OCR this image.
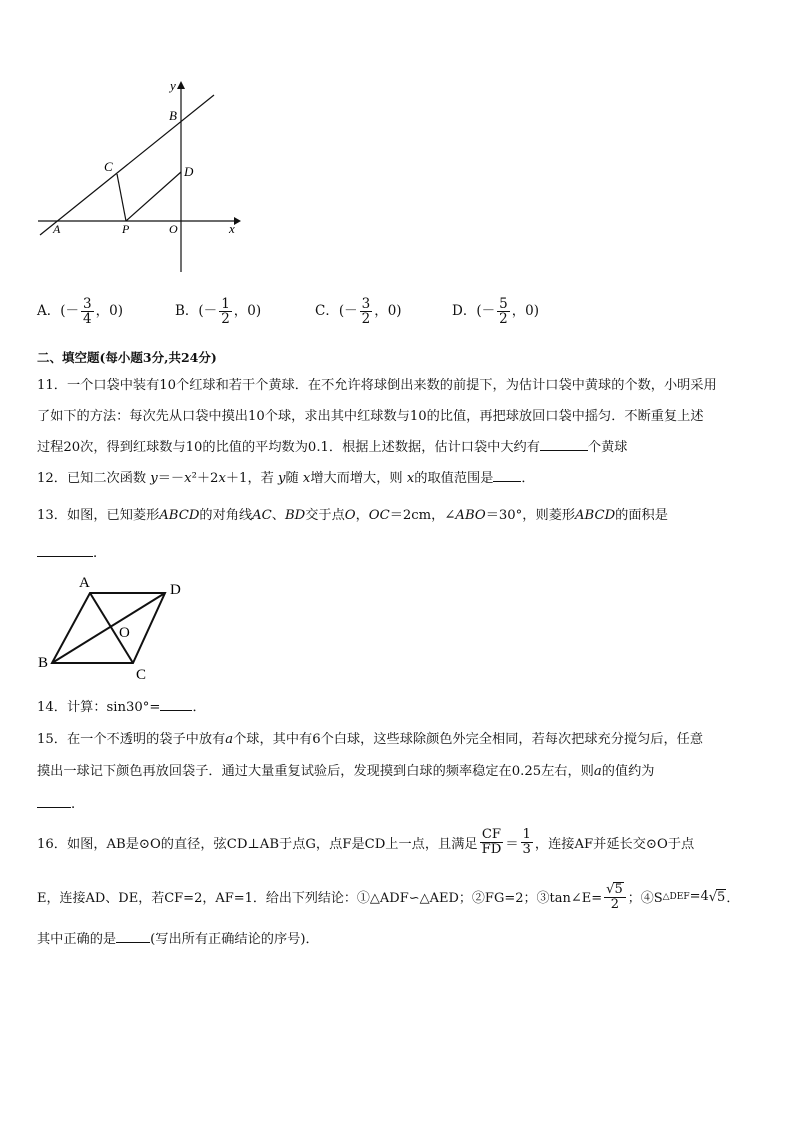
y
B
C	D
A	P	O	x
A．(－ $\frac{3}{4}$ ，0)	B．(－ $\frac{1}{2}$ ，0)	C．(－ $\frac{3}{2}$ ，0)	D．(－ $\frac{5}{2}$ ，0)
二、填空题(每小题3分,共24分)
11．一个口袋中装有10个红球和若干个黄球．在不允许将球倒出来数的前提下，为估计口袋中黄球的个数，小明采用
了如下的方法：每次先从口袋中摸出10个球，求出其中红球数与10的比值，再把球放回口袋中摇匀．不断重复上述
过程20次，得到红球数与10的比值的平均数为0.1．根据上述数据，估计口袋中大约有	个黄球
12．已知二次函数 y＝－x²＋2x＋1，若 y随 x增大而增大，则 x的取值范围是 ．
13．如图，已知菱形ABCD的对角线AC、BD交于点O，OC＝2cm，∠ABO＝30°，则菱形ABCD的面积是
．
A	D
O
B
C
14．计算：sin30°= ．
15．在一个不透明的袋子中放有a个球，其中有6个白球，这些球除颜色外完全相同，若每次把球充分搅匀后，任意
摸出一球记下颜色再放回袋子．通过大量重复试验后，发现摸到白球的频率稳定在0.25左右，则a的值约为
．
16．如图，AB是⊙O的直径，弦CD⊥AB于点G，点F是CD上一点，且满足 $\frac{CF}{FD} = \frac{1}{3}$ ，连接AF并延长交⊙O于点
E，连接AD、DE，若CF=2，AF=1．给出下列结论：①△ADF∽△AED；②FG=2；③tan∠E= $\frac{√5}{2}$ ；④S △DEF =4 √5 ．
其中正确的是	(写出所有正确结论的序号)．
